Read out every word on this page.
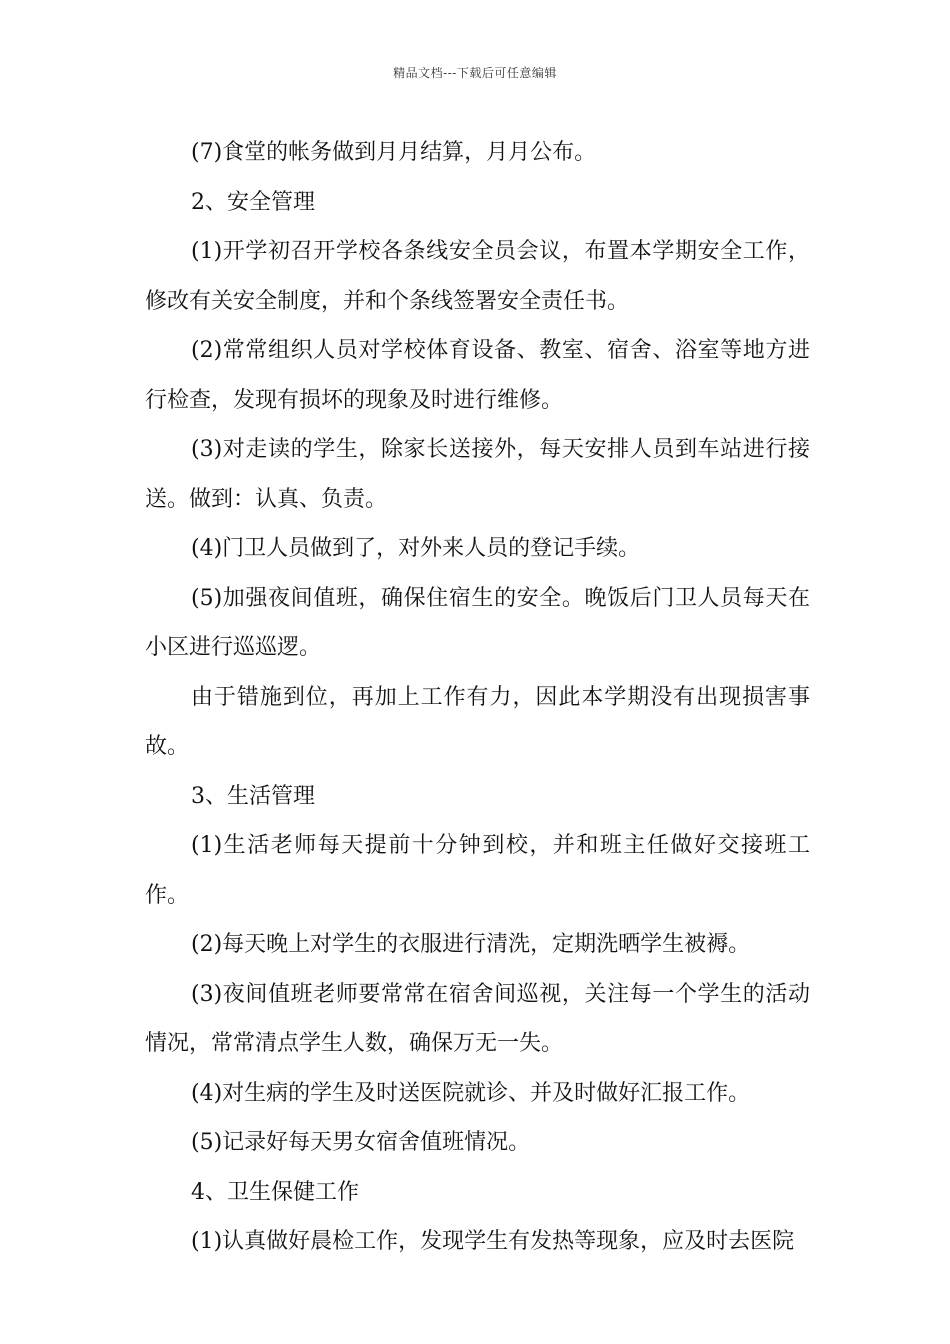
精品文档---下载后可任意编辑

(7)食堂的帐务做到月月结算，月月公布。

2、安全管理

(1)开学初召开学校各条线安全员会议，布置本学期安全工作，修改有关安全制度，并和个条线签署安全责任书。

(2)常常组织人员对学校体育设备、教室、宿舍、浴室等地方进行检查，发现有损坏的现象及时进行维修。

(3)对走读的学生，除家长送接外，每天安排人员到车站进行接送。做到：认真、负责。

(4)门卫人员做到了，对外来人员的登记手续。

(5)加强夜间值班，确保住宿生的安全。晚饭后门卫人员每天在小区进行巡巡逻。

由于错施到位，再加上工作有力，因此本学期没有出现损害事故。

3、生活管理

(1)生活老师每天提前十分钟到校，并和班主任做好交接班工作。

(2)每天晚上对学生的衣服进行清洗，定期洗晒学生被褥。

(3)夜间值班老师要常常在宿舍间巡视，关注每一个学生的活动情况，常常清点学生人数，确保万无一失。

(4)对生病的学生及时送医院就诊、并及时做好汇报工作。

(5)记录好每天男女宿舍值班情况。

4、卫生保健工作

(1)认真做好晨检工作，发现学生有发热等现象，应及时去医院
